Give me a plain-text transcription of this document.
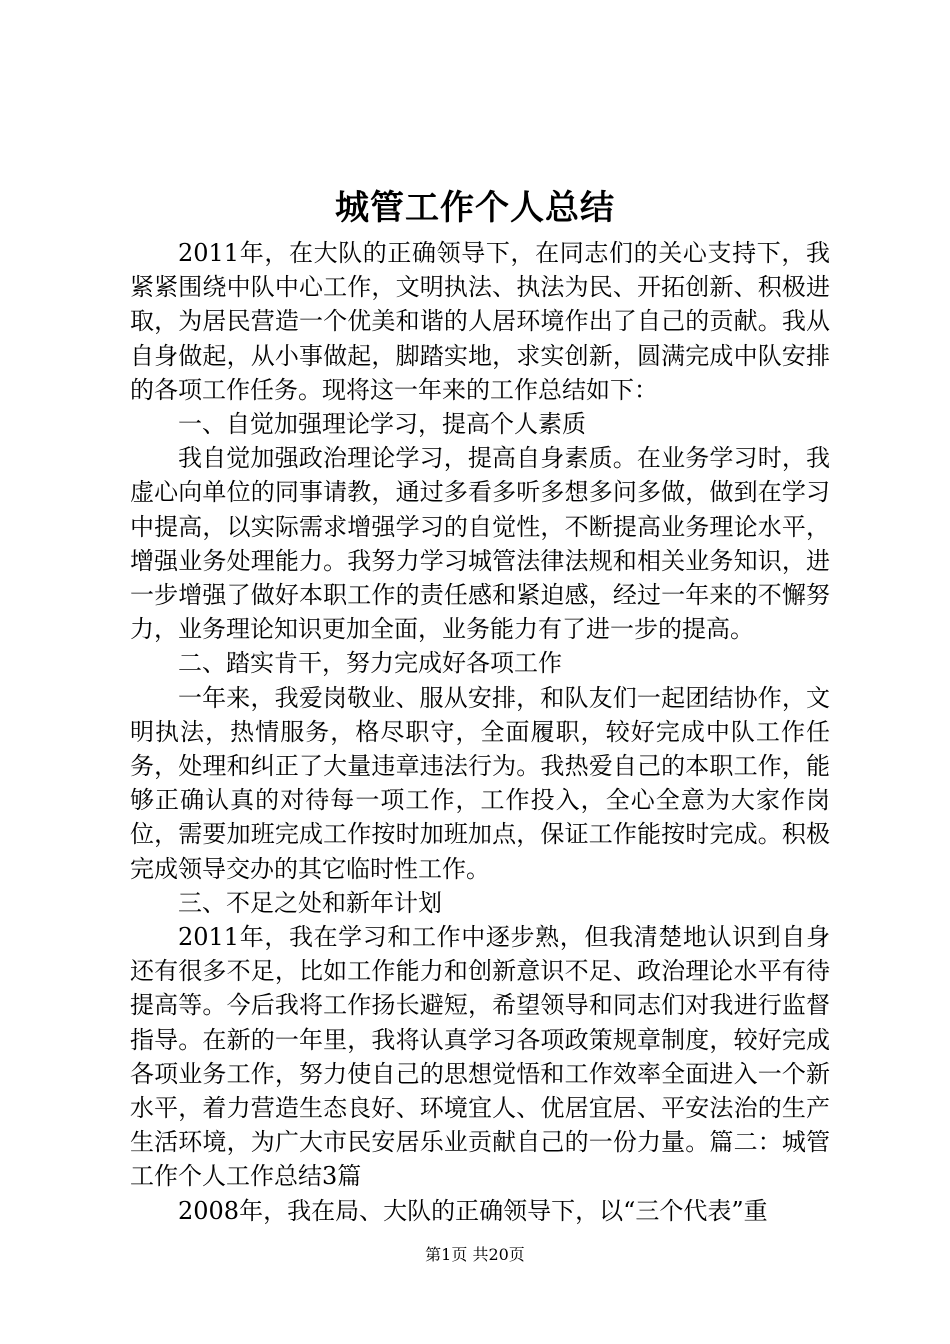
城管工作个人总结

2011年，在大队的正确领导下，在同志们的关心支持下，我紧紧围绕中队中心工作，文明执法、执法为民、开拓创新、积极进取，为居民营造一个优美和谐的人居环境作出了自己的贡献。我从自身做起，从小事做起，脚踏实地，求实创新，圆满完成中队安排的各项工作任务。现将这一年来的工作总结如下：

一、自觉加强理论学习，提高个人素质

我自觉加强政治理论学习，提高自身素质。在业务学习时，我虚心向单位的同事请教，通过多看多听多想多问多做，做到在学习中提高，以实际需求增强学习的自觉性，不断提高业务理论水平，增强业务处理能力。我努力学习城管法律法规和相关业务知识，进一步增强了做好本职工作的责任感和紧迫感，经过一年来的不懈努力，业务理论知识更加全面，业务能力有了进一步的提高。

二、踏实肯干，努力完成好各项工作

一年来，我爱岗敬业、服从安排，和队友们一起团结协作，文明执法，热情服务，格尽职守，全面履职，较好完成中队工作任务，处理和纠正了大量违章违法行为。我热爱自己的本职工作，能够正确认真的对待每一项工作，工作投入，全心全意为大家作岗位，需要加班完成工作按时加班加点，保证工作能按时完成。积极完成领导交办的其它临时性工作。

三、不足之处和新年计划

2011年，我在学习和工作中逐步熟，但我清楚地认识到自身还有很多不足，比如工作能力和创新意识不足、政治理论水平有待提高等。今后我将工作扬长避短，希望领导和同志们对我进行监督指导。在新的一年里，我将认真学习各项政策规章制度，较好完成各项业务工作，努力使自己的思想觉悟和工作效率全面进入一个新水平，着力营造生态良好、环境宜人、优居宜居、平安法治的生产生活环境，为广大市民安居乐业贡献自己的一份力量。篇二：城管工作个人工作总结3篇

2008年，我在局、大队的正确领导下，以“三个代表”重

第1页 共20页
